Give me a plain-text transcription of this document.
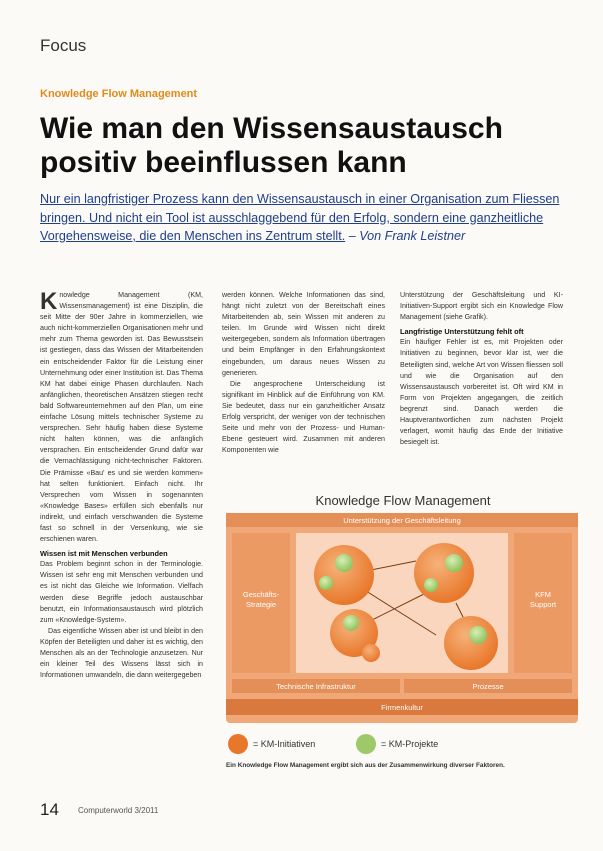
Focus
Knowledge Flow Management
Wie man den Wissensaustausch positiv beeinflussen kann
Nur ein langfristiger Prozess kann den Wissensaustausch in einer Organisation zum Fliessen bringen. Und nicht ein Tool ist ausschlaggebend für den Erfolg, sondern eine ganzheitliche Vorgehensweise, die den Menschen ins Zentrum stellt. – Von Frank Leistner

Knowledge Management (KM, Wissensmanagement) ist eine Disziplin, die seit Mitte der 90er Jahre in kommerziellen, wie auch nicht-kommerziellen Organisationen mehr und mehr zum Thema geworden ist. Das Bewusstsein ist gestiegen, dass das Wissen der Mitarbeitenden ein entscheidender Faktor für die Leistung einer Unternehmung oder einer Institution ist. Das Thema KM hat dabei einige Phasen durchlaufen. Nach anfänglichen, theoretischen Ansätzen stiegen recht bald Softwareunternehmen auf den Plan, um eine einfache Lösung mittels technischer Systeme zu versprechen. Sehr häufig haben diese Systeme nicht halten können, was die anfänglich versprachen. Ein entscheidender Grund dafür war die Vernachlässigung nicht-technischer Faktoren. Die Prämisse «Bau' es und sie werden kommen» hat selten funktioniert. Einfach nicht. Ihr Versprechen vom Wissen in sogenannten «Knowledge Bases» erfüllen sich ebenfalls nur indirekt, und einfach verschwanden die Systeme fast so schnell in der Versenkung, wie sie erschienen waren.

Wissen ist mit Menschen verbunden

Das Problem beginnt schon in der Terminologie. Wissen ist sehr eng mit Menschen verbunden und es ist nicht das Gleiche wie Information. Vielfach werden diese Begriffe jedoch austauschbar benutzt, ein Informationsaustausch wird plötzlich zum «Knowledge-System».

Das eigentliche Wissen aber ist und bleibt in den Köpfen der Beteiligten und daher ist es wichtig, den Menschen als an der Technologie anzusetzen. Nur ein kleiner Teil des Wissens lässt sich in Informationen umwandeln, die dann weitergegeben

werden können. Welche Informationen das sind, hängt nicht zuletzt von der Bereitschaft eines Mitarbeitenden ab, sein Wissen mit anderen zu teilen. Im Grunde wird Wissen nicht direkt weitergegeben, sondern als Information übertragen und beim Empfänger in den Erfahrungskontext eingebunden, um daraus neues Wissen zu generieren.

Die angesprochene Unterscheidung ist signifikant im Hinblick auf die Einführung von KM. Sie bedeutet, dass nur ein ganzheitlicher Ansatz Erfolg verspricht, der weniger von der technischen Seite und mehr von der Prozess- und Human-Ebene gesteuert wird. Zusammen mit anderen Komponenten wie

Unterstützung der Geschäftsleitung und KI-Initiativen-Support ergibt sich ein Knowledge Flow Management (siehe Grafik).

Langfristige Unterstützung fehlt oft

Ein häufiger Fehler ist es, mit Projekten oder Initiativen zu beginnen, bevor klar ist, wer die Beteiligten sind, welche Art von Wissen fliessen soll und wie die Organisation auf den Wissensaustausch vorbereitet ist. Oft wird KM in Form von Projekten angegangen, die zeitlich begrenzt sind. Danach werden die Hauptverantwortlichen zum nächsten Projekt verlagert, womit häufig das Ende der Initiative besiegelt ist.

Knowledge Flow Management
Unterstützung der Geschäftsleitung
Geschäfts-
Strategie
KFM
Support
Technische Infrastruktur	Prozesse
Firmenkultur
= KM-Initiativen	= KM-Projekte
Ein Knowledge Flow Management ergibt sich aus der Zusammenwirkung diverser Faktoren.
14 Computerworld 3/2011
